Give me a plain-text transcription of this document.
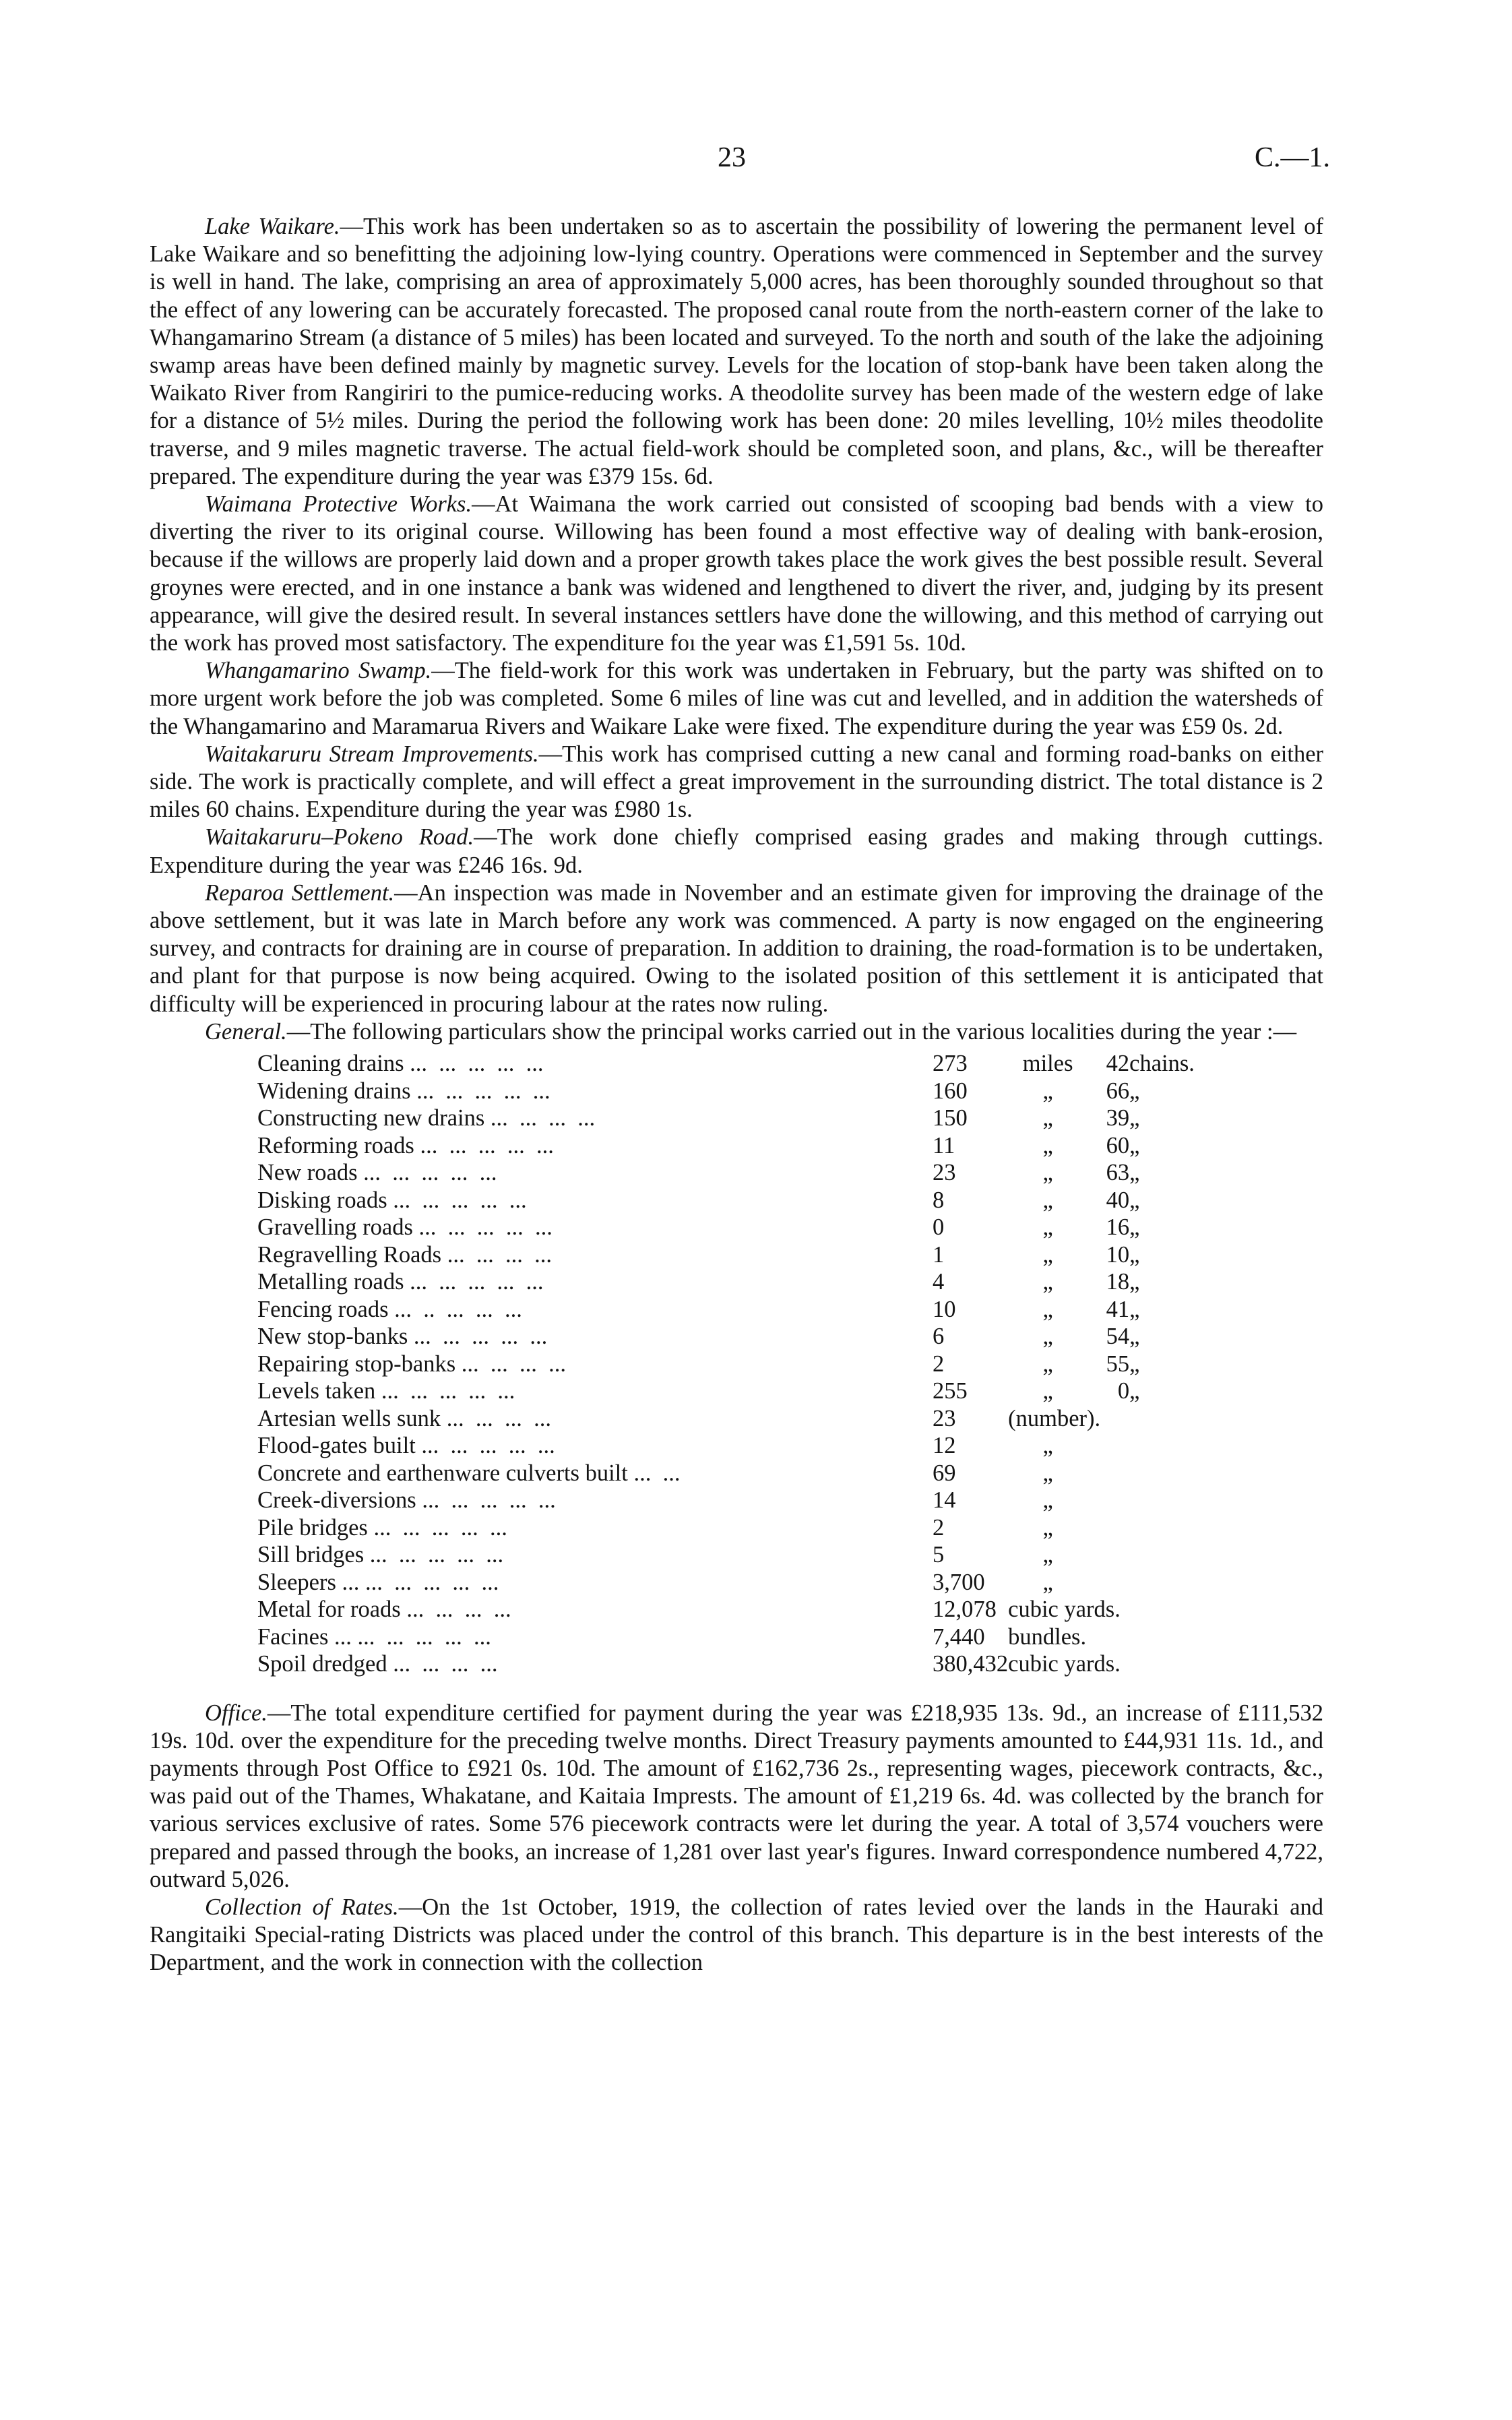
23	C.—1.

Lake Waikare.—This work has been undertaken so as to ascertain the possibility of lowering the permanent level of Lake Waikare and so benefitting the adjoining low-lying country. Operations were commenced in September and the survey is well in hand. The lake, comprising an area of approximately 5,000 acres, has been thoroughly sounded throughout so that the effect of any lowering can be accurately forecasted. The proposed canal route from the north-eastern corner of the lake to Whangamarino Stream (a distance of 5 miles) has been located and surveyed. To the north and south of the lake the adjoining swamp areas have been defined mainly by magnetic survey. Levels for the location of stop-bank have been taken along the Waikato River from Rangiriri to the pumice-reducing works. A theodolite survey has been made of the western edge of lake for a distance of 5½ miles. During the period the following work has been done: 20 miles levelling, 10½ miles theodolite traverse, and 9 miles magnetic traverse. The actual field-work should be completed soon, and plans, &c., will be thereafter prepared. The expenditure during the year was £379 15s. 6d.

Waimana Protective Works.—At Waimana the work carried out consisted of scooping bad bends with a view to diverting the river to its original course. Willowing has been found a most effective way of dealing with bank-erosion, because if the willows are properly laid down and a proper growth takes place the work gives the best possible result. Several groynes were erected, and in one instance a bank was widened and lengthened to divert the river, and, judging by its present appearance, will give the desired result. In several instances settlers have done the willowing, and this method of carrying out the work has proved most satisfactory. The expenditure foı the year was £1,591 5s. 10d.

Whangamarino Swamp.—The field-work for this work was undertaken in February, but the party was shifted on to more urgent work before the job was completed. Some 6 miles of line was cut and levelled, and in addition the watersheds of the Whangamarino and Maramarua Rivers and Waikare Lake were fixed. The expenditure during the year was £59 0s. 2d.

Waitakaruru Stream Improvements.—This work has comprised cutting a new canal and forming road-banks on either side. The work is practically complete, and will effect a great improvement in the surrounding district. The total distance is 2 miles 60 chains. Expenditure during the year was £980 1s.

Waitakaruru–Pokeno Road.—The work done chiefly comprised easing grades and making through cuttings. Expenditure during the year was £246 16s. 9d.

Reparoa Settlement.—An inspection was made in November and an estimate given for improving the drainage of the above settlement, but it was late in March before any work was commenced. A party is now engaged on the engineering survey, and contracts for draining are in course of preparation. In addition to draining, the road-formation is to be undertaken, and plant for that purpose is now being acquired. Owing to the isolated position of this settlement it is anticipated that difficulty will be experienced in procuring labour at the rates now ruling.

General.—The following particulars show the principal works carried out in the various localities during the year :—

Cleaning drains ...  ...  ...  ...  ...	273	miles	42	chains.
Widening drains ...  ...  ...  ...  ...	160	„	66	„
Constructing new drains ...  ...  ...  ...	150	„	39	„
Reforming roads ...  ...  ...  ...  ...	11	„	60	„
New roads ...  ...  ...  ...  ...	23	„	63	„
Disking roads ...  ...  ...  ...  ...	8	„	40	„
Gravelling roads ...  ...  ...  ...  ...	0	„	16	„
Regravelling Roads ...  ...  ...  ...	1	„	10	„
Metalling roads ...  ...  ...  ...  ...	4	„	18	„
Fencing roads ...  ..  ...  ...  ...	10	„	41	„
New stop-banks ...  ...  ...  ...  ...	6	„	54	„
Repairing stop-banks ...  ...  ...  ...	2	„	55	„
Levels taken ...  ...  ...  ...  ...	255	„	0	„
Artesian wells sunk ...  ...  ...  ...	23	(number).		
Flood-gates built ...  ...  ...  ...  ...	12	„		
Concrete and earthenware culverts built ...  ...	69	„		
Creek-diversions ...  ...  ...  ...  ...	14	„		
Pile bridges ...  ...  ...  ...  ...	2	„		
Sill bridges ...  ...  ...  ...  ...	5	„		
Sleepers ... ...  ...  ...  ...  ...	3,700	„		
Metal for roads ...  ...  ...  ...	12,078	cubic yards.		
Facines ... ...  ...  ...  ...  ...	7,440	bundles.		
Spoil dredged ...  ...  ...  ...	380,432	cubic yards.		

Office.—The total expenditure certified for payment during the year was £218,935 13s. 9d., an increase of £111,532 19s. 10d. over the expenditure for the preceding twelve months. Direct Treasury payments amounted to £44,931 11s. 1d., and payments through Post Office to £921 0s. 10d. The amount of £162,736 2s., representing wages, piecework contracts, &c., was paid out of the Thames, Whakatane, and Kaitaia Imprests. The amount of £1,219 6s. 4d. was collected by the branch for various services exclusive of rates. Some 576 piecework contracts were let during the year. A total of 3,574 vouchers were prepared and passed through the books, an increase of 1,281 over last year's figures. Inward correspondence numbered 4,722, outward 5,026.

Collection of Rates.—On the 1st October, 1919, the collection of rates levied over the lands in the Hauraki and Rangitaiki Special-rating Districts was placed under the control of this branch. This departure is in the best interests of the Department, and the work in connection with the collection
